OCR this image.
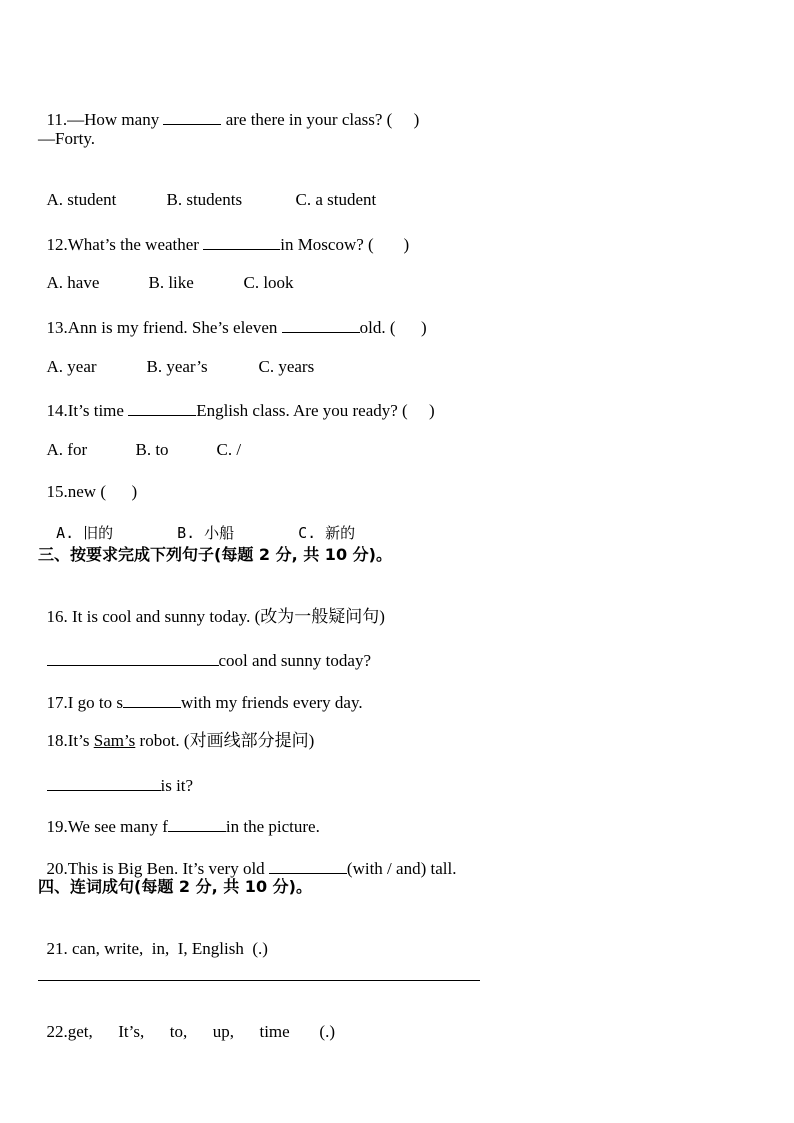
11.—How many	are there in your class? (     )

—Forty.

A. student	B. students	C. a student

12.What’s the weather	in Moscow? (       )

A. have	B. like	C. look

13.Ann is my friend. She’s eleven	old. (      )

A. year	B. year’s	C. years

14.It’s time	English class. Are you ready? (     )

A. for	B. to	C. /

15.new (      )

A. 旧的	B. 小船	C. 新的

三、按要求完成下列句子(每题 2 分, 共 10 分)。

16. It is cool and sunny today. (改为一般疑问句)

cool and sunny today?

17.I go to s	with my friends every day.

18.It’s Sam’s robot. (对画线部分提问)

is it?

19.We see many f	in the picture.

20.This is Big Ben. It’s very old	(with / and) tall.

四、连词成句(每题 2 分, 共 10 分)。

21. can, write,  in,  I, English  (.)

22.get,      It’s,      to,      up,      time       (.)
